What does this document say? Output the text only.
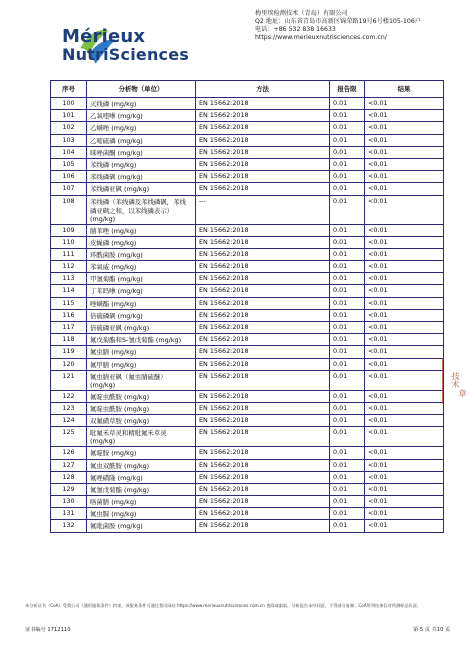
Mérieux
NutriSciences
梅里埃检测技术（青岛）有限公司
Q2 地址：山东省青岛市高新区锦荣路19号6号楼105-106户
电话：+86 532 838 16633
https://www.merieuxnutrisciences.com.cn/
序号	分析物（单位）	方法	报告限	结果
100	灭线磷 (mg/kg)	EN 15662:2018	0.01	<0.01
101	乙氧喹啉 (mg/kg)	EN 15662:2018	0.01	<0.01
102	乙螨唑 (mg/kg)	EN 15662:2018	0.01	<0.01
103	乙嘧硫磷 (mg/kg)	EN 15662:2018	0.01	<0.01
104	咪唑菌酮 (mg/kg)	EN 15662:2018	0.01	<0.01
105	苯线磷 (mg/kg)	EN 15662:2018	0.01	<0.01
106	苯线磷砜 (mg/kg)	EN 15662:2018	0.01	<0.01
107	苯线磷亚砜 (mg/kg)	EN 15662:2018	0.01	<0.01
108	苯线磷（苯线磷及苯线磷砜，苯线磷亚砜之和，以苯线磷表示） (mg/kg)	---	0.01	<0.01
109	腈苯唑 (mg/kg)	EN 15662:2018	0.01	<0.01
110	皮蝇磷 (mg/kg)	EN 15662:2018	0.01	<0.01
111	环酰菌胺 (mg/kg)	EN 15662:2018	0.01	<0.01
112	苯氧威 (mg/kg)	EN 15662:2018	0.01	<0.01
113	甲氰菊酯 (mg/kg)	EN 15662:2018	0.01	<0.01
114	丁苯吗啉 (mg/kg)	EN 15662:2018	0.01	<0.01
115	唑螨酯 (mg/kg)	EN 15662:2018	0.01	<0.01
116	倍硫磷砜 (mg/kg)	EN 15662:2018	0.01	<0.01
117	倍硫磷亚砜 (mg/kg)	EN 15662:2018	0.01	<0.01
118	氟戊菊酯和S-氰戊菊酯 (mg/kg)	EN 15662:2018	0.01	<0.01
119	氟虫腈 (mg/kg)	EN 15662:2018	0.01	<0.01
120	氟甲腈 (mg/kg)	EN 15662:2018	0.01	<0.01
121	氟虫腈亚砜（氟虫腈硫醚） (mg/kg)	EN 15662:2018	0.01	<0.01
122	氟啶虫酰胺 (mg/kg)	EN 15662:2018	0.01	<0.01
123	氟啶虫酰胺 (mg/kg)	EN 15662:2018	0.01	<0.01
124	双氟磺草胺 (mg/kg)	EN 15662:2018	0.01	<0.01
125	吡氟禾草灵和精吡氟禾草灵 (mg/kg)	EN 15662:2018	0.01	<0.01
126	氟啶胺 (mg/kg)	EN 15662:2018	0.01	<0.01
127	氟虫双酰胺 (mg/kg)	EN 15662:2018	0.01	<0.01
128	氟唑磺隆 (mg/kg)	EN 15662:2018	0.01	<0.01
129	氟氰戊菊酯 (mg/kg)	EN 15662:2018	0.01	<0.01
130	咯菌腈 (mg/kg)	EN 15662:2018	0.01	<0.01
131	氟虫脲 (mg/kg)	EN 15662:2018	0.01	<0.01
132	氟吡菌胺 (mg/kg)	EN 15662:2018	0.01	<0.01
本分析证书（CoA）受我公司《通用服务条件》约束，该服务条件可通过我司网站 https://www.merieuxnutrisciences.com.cn 查阅或索取。分析报告未经同意，不得部分复制；CoA所列结果仅对所测样品负责。
证书编号 1712110	第 5 页 共10 页
技术
章
